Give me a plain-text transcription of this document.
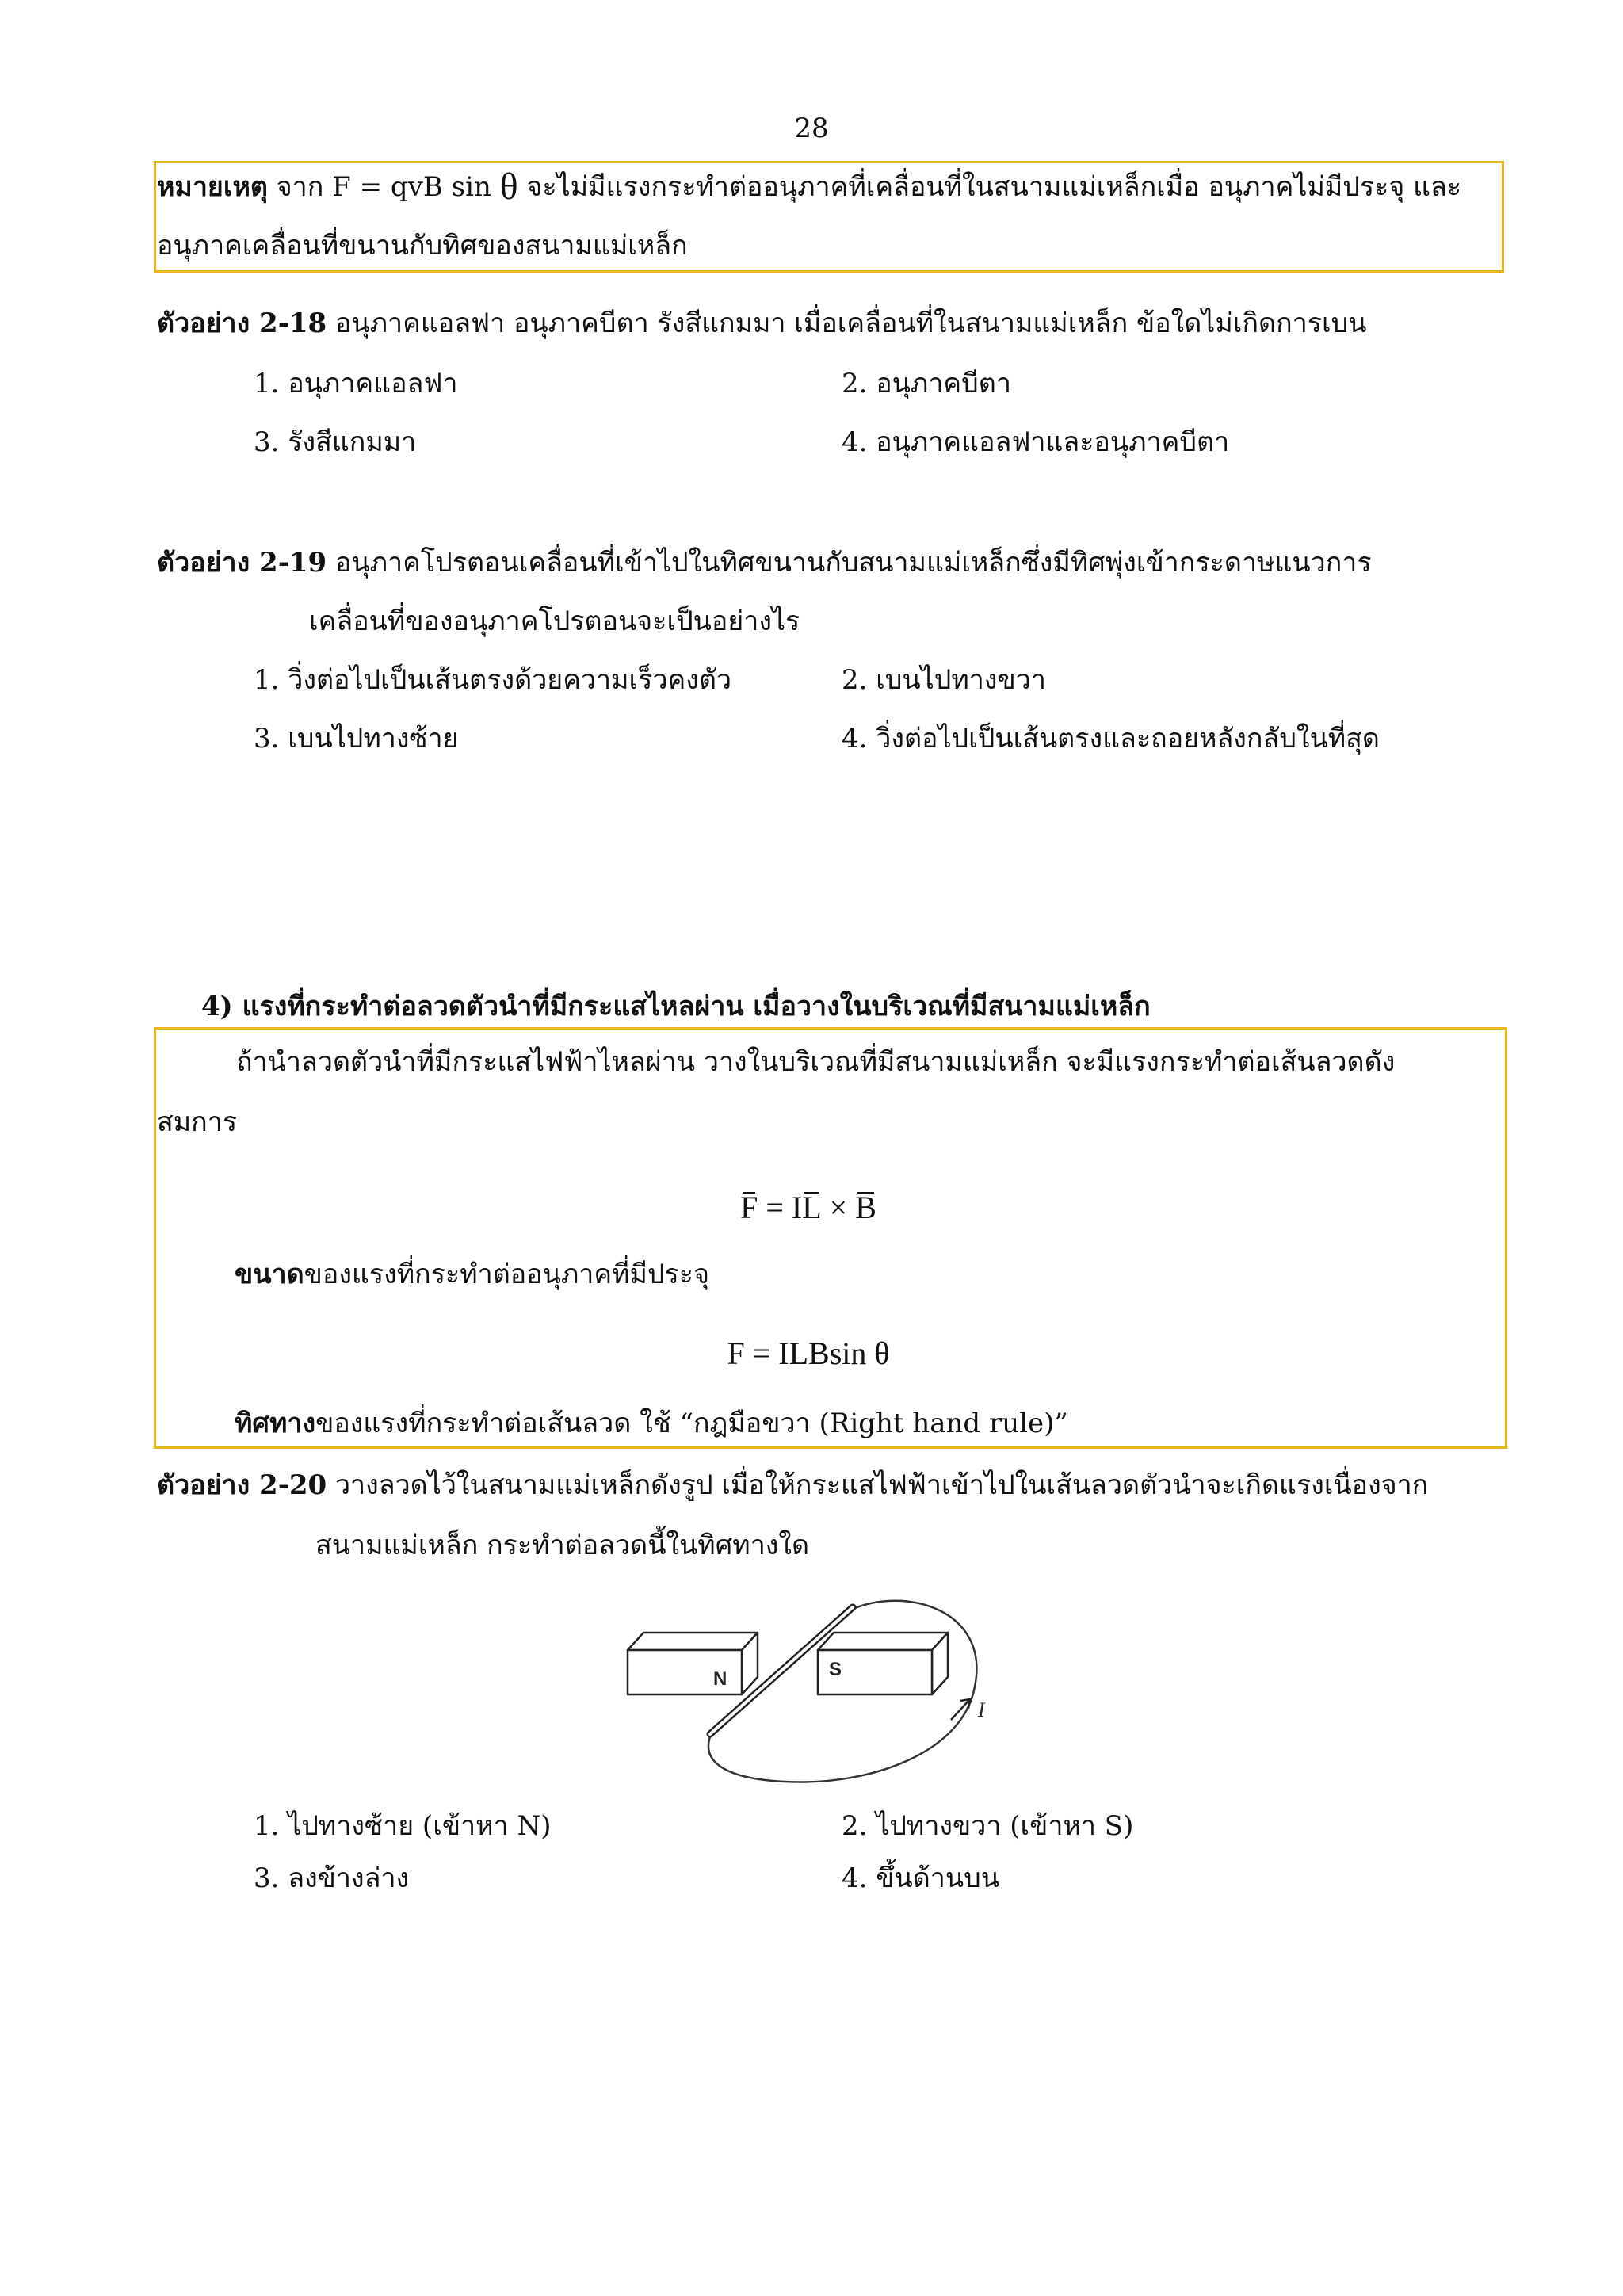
28
หมายเหตุ จาก F = qvB sin θ จะไม่มีแรงกระทำต่ออนุภาคที่เคลื่อนที่ในสนามแม่เหล็กเมื่อ อนุภาคไม่มีประจุ และ
อนุภาคเคลื่อนที่ขนานกับทิศของสนามแม่เหล็ก
ตัวอย่าง 2-18 อนุภาคแอลฟา อนุภาคบีตา รังสีแกมมา เมื่อเคลื่อนที่ในสนามแม่เหล็ก ข้อใดไม่เกิดการเบน
1. อนุภาคแอลฟา	2. อนุภาคบีตา
3. รังสีแกมมา	4. อนุภาคแอลฟาและอนุภาคบีตา
ตัวอย่าง 2-19 อนุภาคโปรตอนเคลื่อนที่เข้าไปในทิศขนานกับสนามแม่เหล็กซึ่งมีทิศพุ่งเข้ากระดาษแนวการ
เคลื่อนที่ของอนุภาคโปรตอนจะเป็นอย่างไร
1. วิ่งต่อไปเป็นเส้นตรงด้วยความเร็วคงตัว	2. เบนไปทางขวา
3. เบนไปทางซ้าย	4. วิ่งต่อไปเป็นเส้นตรงและถอยหลังกลับในที่สุด
4) แรงที่กระทำต่อลวดตัวนำที่มีกระแสไหลผ่าน เมื่อวางในบริเวณที่มีสนามแม่เหล็ก
ถ้านำลวดตัวนำที่มีกระแสไฟฟ้าไหลผ่าน วางในบริเวณที่มีสนามแม่เหล็ก จะมีแรงกระทำต่อเส้นลวดดัง
สมการ
F = IL × B
ขนาดของแรงที่กระทำต่ออนุภาคที่มีประจุ
F = ILBsin θ
ทิศทางของแรงที่กระทำต่อเส้นลวด ใช้ “กฎมือขวา (Right hand rule)”
ตัวอย่าง 2-20 วางลวดไว้ในสนามแม่เหล็กดังรูป เมื่อให้กระแสไฟฟ้าเข้าไปในเส้นลวดตัวนำจะเกิดแรงเนื่องจาก
สนามแม่เหล็ก กระทำต่อลวดนี้ในทิศทางใด
N	S
I
1. ไปทางซ้าย (เข้าหา N)	2. ไปทางขวา (เข้าหา S)
3. ลงข้างล่าง	4. ขึ้นด้านบน
